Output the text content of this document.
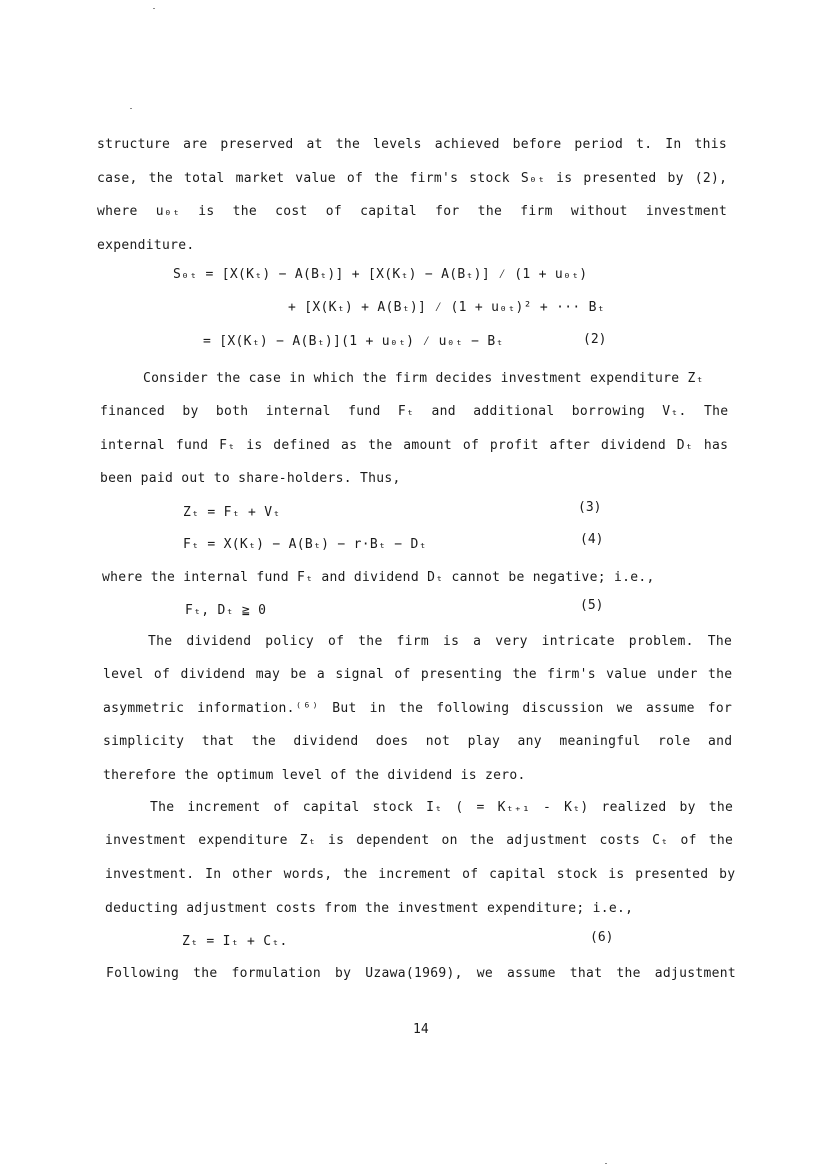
structure are preserved at the levels achieved before period t. In this
case, the total market value of the firm's stock S₀ₜ is presented by (2),
where u₀ₜ is the cost of capital for the firm without investment
expenditure.
S₀ₜ = [X(Kₜ) − A(Bₜ)] + [X(Kₜ) − A(Bₜ)] ⁄ (1 + u₀ₜ)
+ [X(Kₜ) + A(Bₜ)] ⁄ (1 + u₀ₜ)² + ··· Bₜ
= [X(Kₜ) − A(Bₜ)](1 + u₀ₜ) ⁄ u₀ₜ − Bₜ	(2)
Consider the case in which the firm decides investment expenditure Zₜ
financed by both internal fund Fₜ and additional borrowing Vₜ. The
internal fund Fₜ is defined as the amount of profit after dividend Dₜ has
been paid out to share-holders. Thus,
Zₜ = Fₜ + Vₜ	(3)
Fₜ = X(Kₜ) − A(Bₜ) − r·Bₜ − Dₜ	(4)
where the internal fund Fₜ and dividend Dₜ cannot be negative; i.e.,
Fₜ, Dₜ ≧ 0	(5)
The dividend policy of the firm is a very intricate problem. The
level of dividend may be a signal of presenting the firm's value under the
asymmetric information.⁽⁶⁾ But in the following discussion we assume for
simplicity that the dividend does not play any meaningful role and
therefore the optimum level of the dividend is zero.
The increment of capital stock Iₜ ( = Kₜ₊₁ - Kₜ) realized by the
investment expenditure Zₜ is dependent on the adjustment costs Cₜ of the
investment. In other words, the increment of capital stock is presented by
deducting adjustment costs from the investment expenditure; i.e.,
Zₜ = Iₜ + Cₜ.	(6)
Following the formulation by Uzawa(1969), we assume that the adjustment
14
